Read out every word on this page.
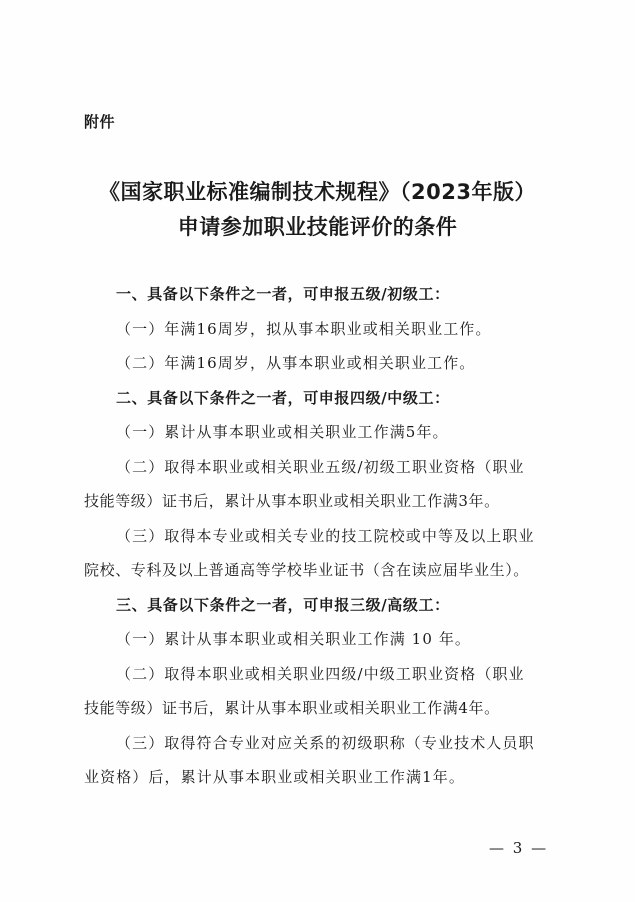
附件
《国家职业标准编制技术规程》（2023年版）
申请参加职业技能评价的条件
一、具备以下条件之一者，可申报五级/初级工：
（一）年满16周岁，拟从事本职业或相关职业工作。
（二）年满16周岁，从事本职业或相关职业工作。
二、具备以下条件之一者，可申报四级/中级工：
（一）累计从事本职业或相关职业工作满5年。
（二）取得本职业或相关职业五级/初级工职业资格（职业
技能等级）证书后，累计从事本职业或相关职业工作满3年。
（三）取得本专业或相关专业的技工院校或中等及以上职业
院校、专科及以上普通高等学校毕业证书（含在读应届毕业生）。
三、具备以下条件之一者，可申报三级/高级工：
（一）累计从事本职业或相关职业工作满 10 年。
（二）取得本职业或相关职业四级/中级工职业资格（职业
技能等级）证书后，累计从事本职业或相关职业工作满4年。
（三）取得符合专业对应关系的初级职称（专业技术人员职
业资格）后，累计从事本职业或相关职业工作满1年。
— 3 —
